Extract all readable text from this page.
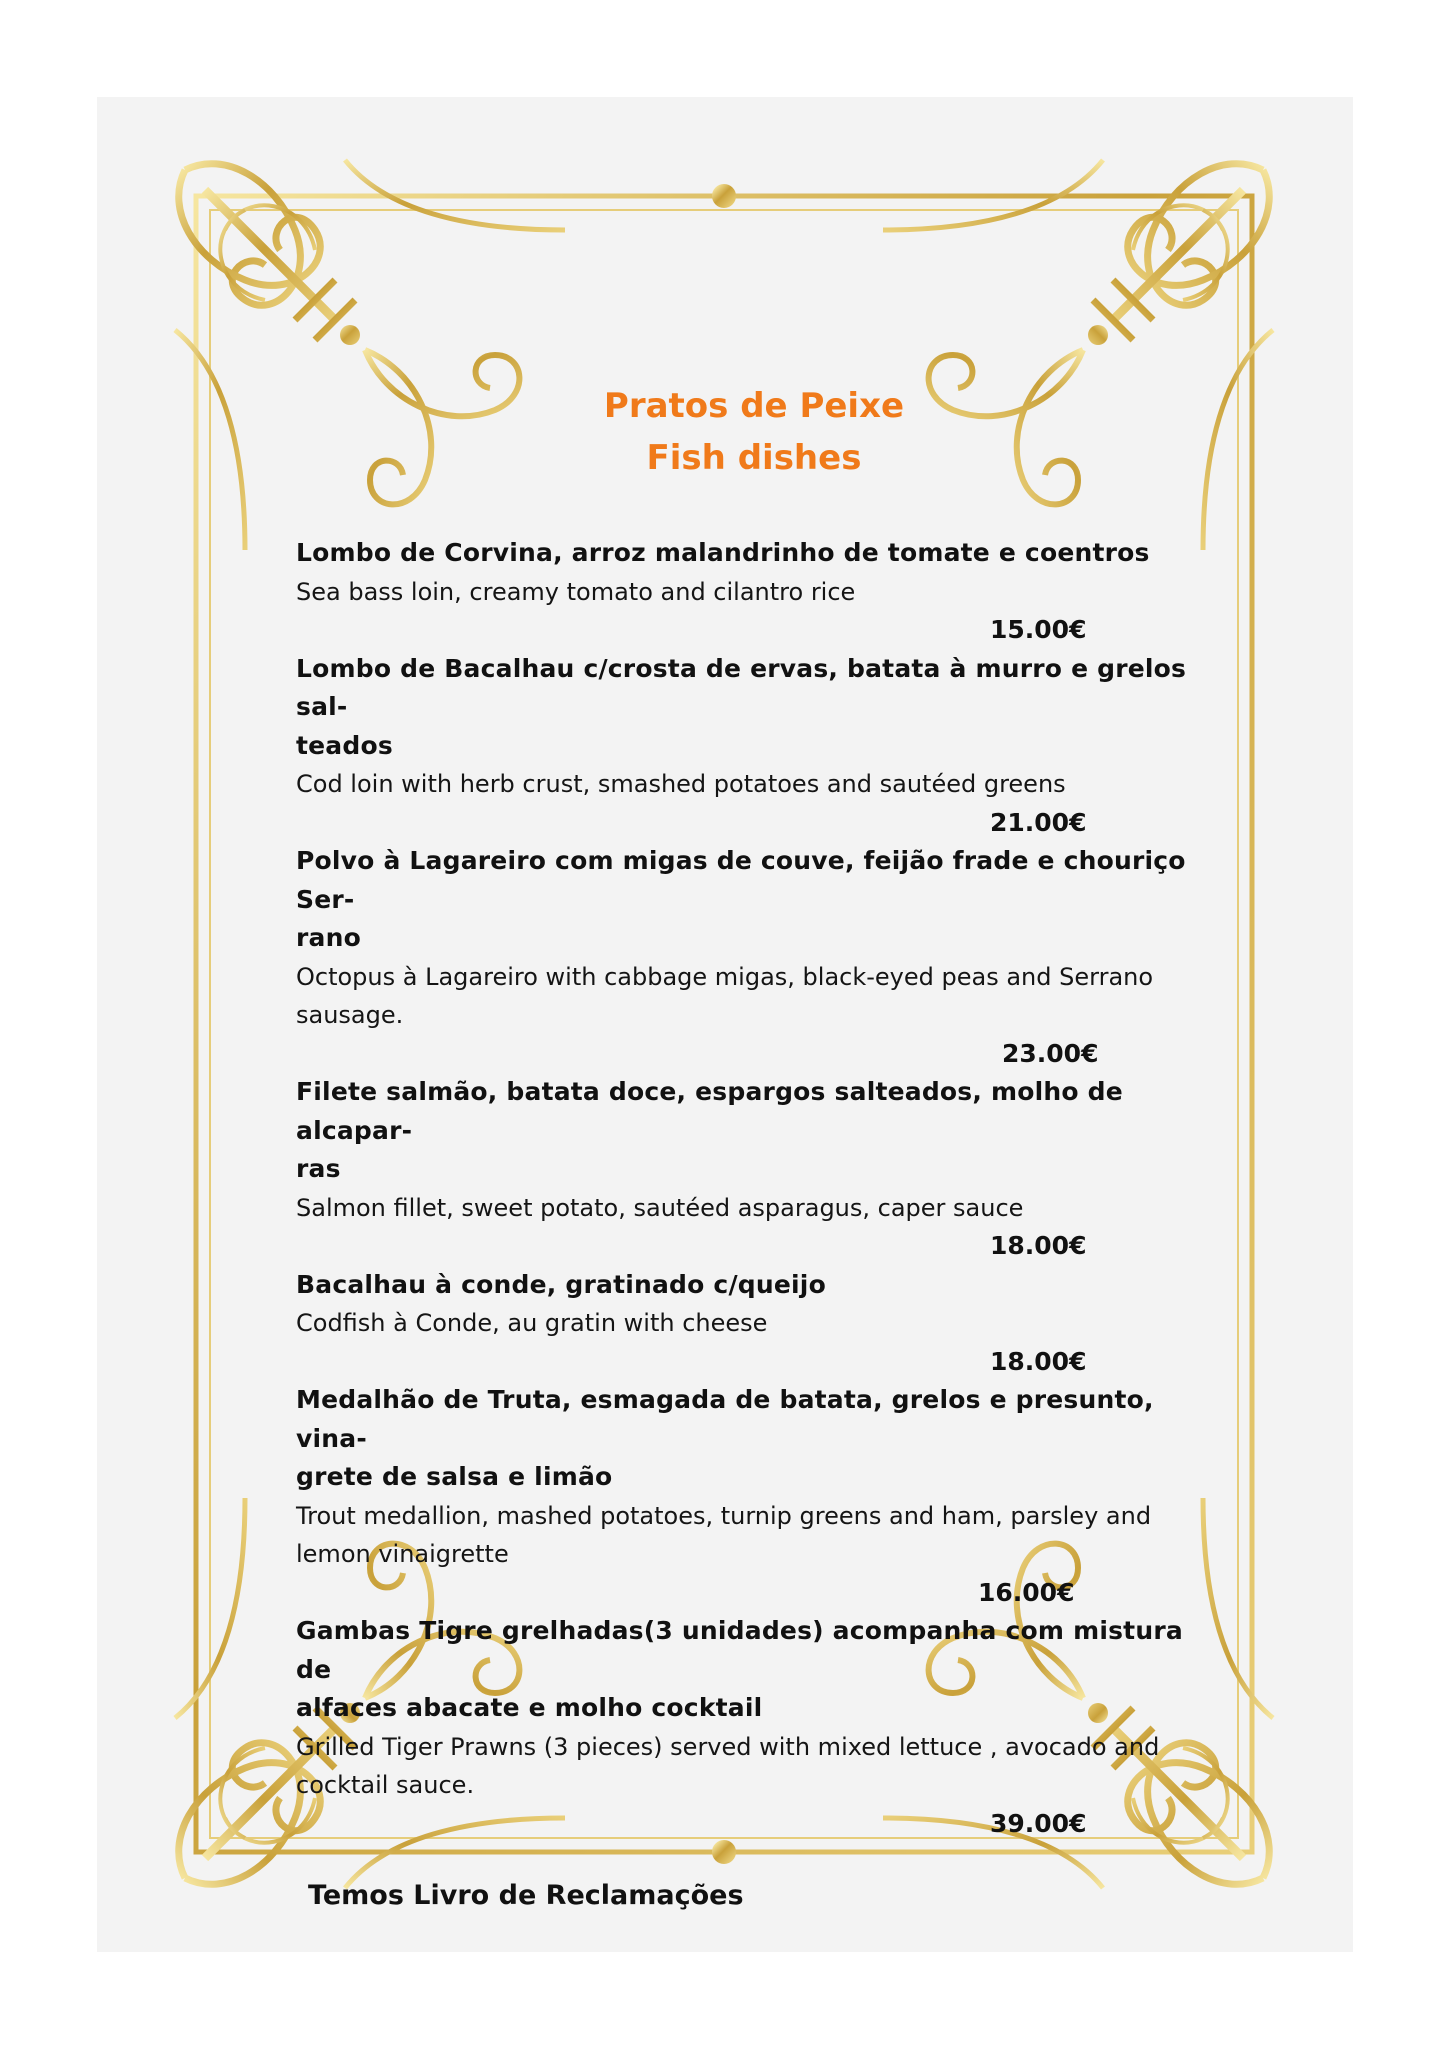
Pratos de Peixe
Fish dishes

Lombo de Corvina, arroz malandrinho de tomate e coentros

Sea bass loin, creamy tomato and cilantro rice

15.00€

Lombo de Bacalhau c/crosta de ervas, batata à murro e grelos sal-

teados

Cod loin with herb crust, smashed potatoes and sautéed greens

21.00€

Polvo à Lagareiro com migas de couve, feijão frade e chouriço Ser-

rano

Octopus à Lagareiro with cabbage migas, black-eyed peas and Serrano

sausage.

23.00€

Filete salmão, batata doce, espargos salteados, molho de alcapar-

ras

Salmon fillet, sweet potato, sautéed asparagus, caper sauce

18.00€

Bacalhau à conde, gratinado c/queijo

Codfish à Conde, au gratin with cheese

18.00€

Medalhão de Truta, esmagada de batata, grelos e presunto, vina-

grete de salsa e limão

Trout medallion, mashed potatoes, turnip greens and ham, parsley and

lemon vinaigrette

16.00€

Gambas Tigre grelhadas(3 unidades) acompanha com mistura de

alfaces abacate e molho cocktail

Grilled Tiger Prawns (3 pieces) served with mixed lettuce , avocado and

cocktail sauce.

39.00€

Temos Livro de Reclamações
